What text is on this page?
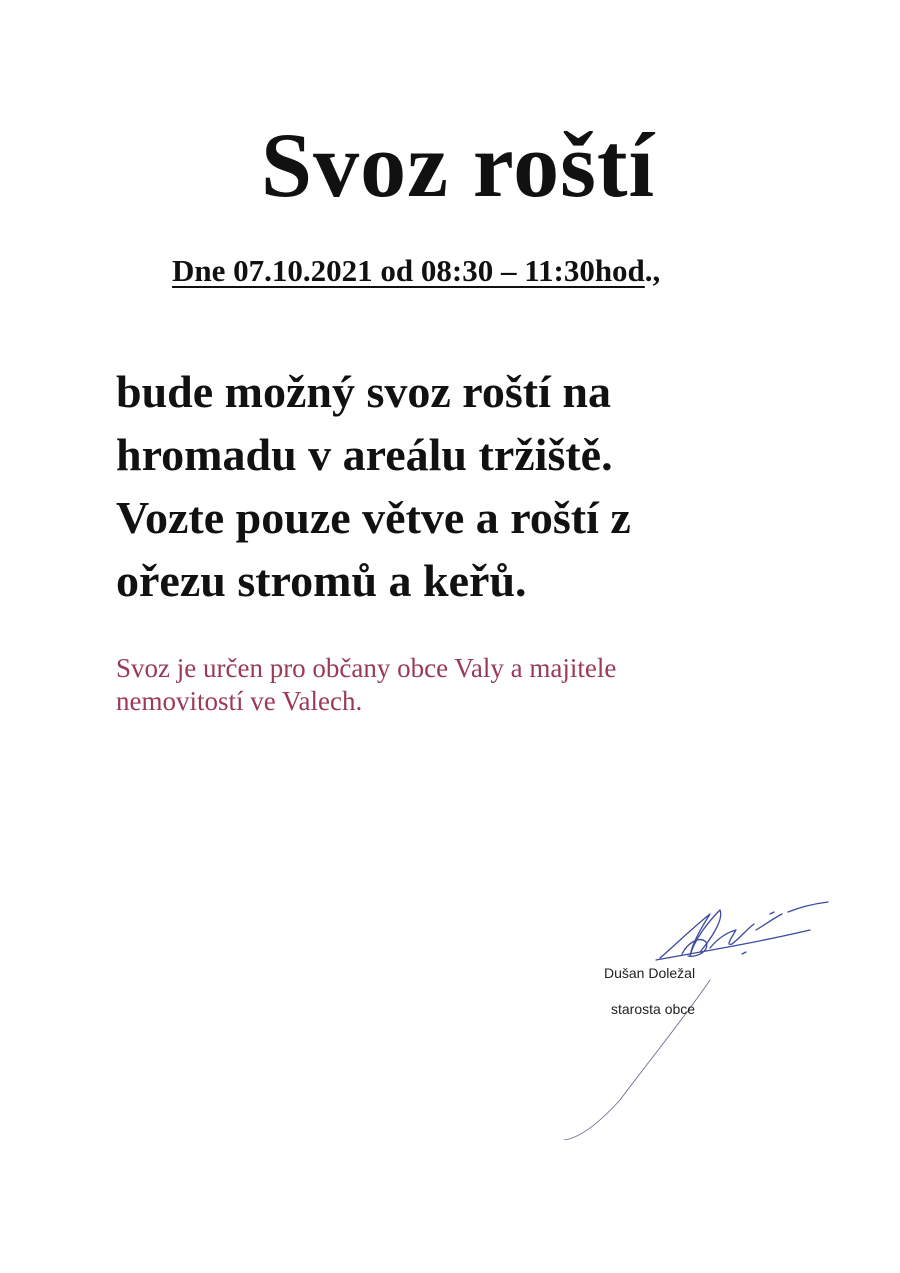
Svoz roští
Dne 07.10.2021 od 08:30 – 11:30hod.,

bude možný svoz roští na
hromadu v areálu tržiště.
Vozte pouze větve a roští z
ořezu stromů a keřů.

Svoz je určen pro občany obce Valy a majitele
nemovitostí ve Valech.

Dušan Doležal
starosta obce
